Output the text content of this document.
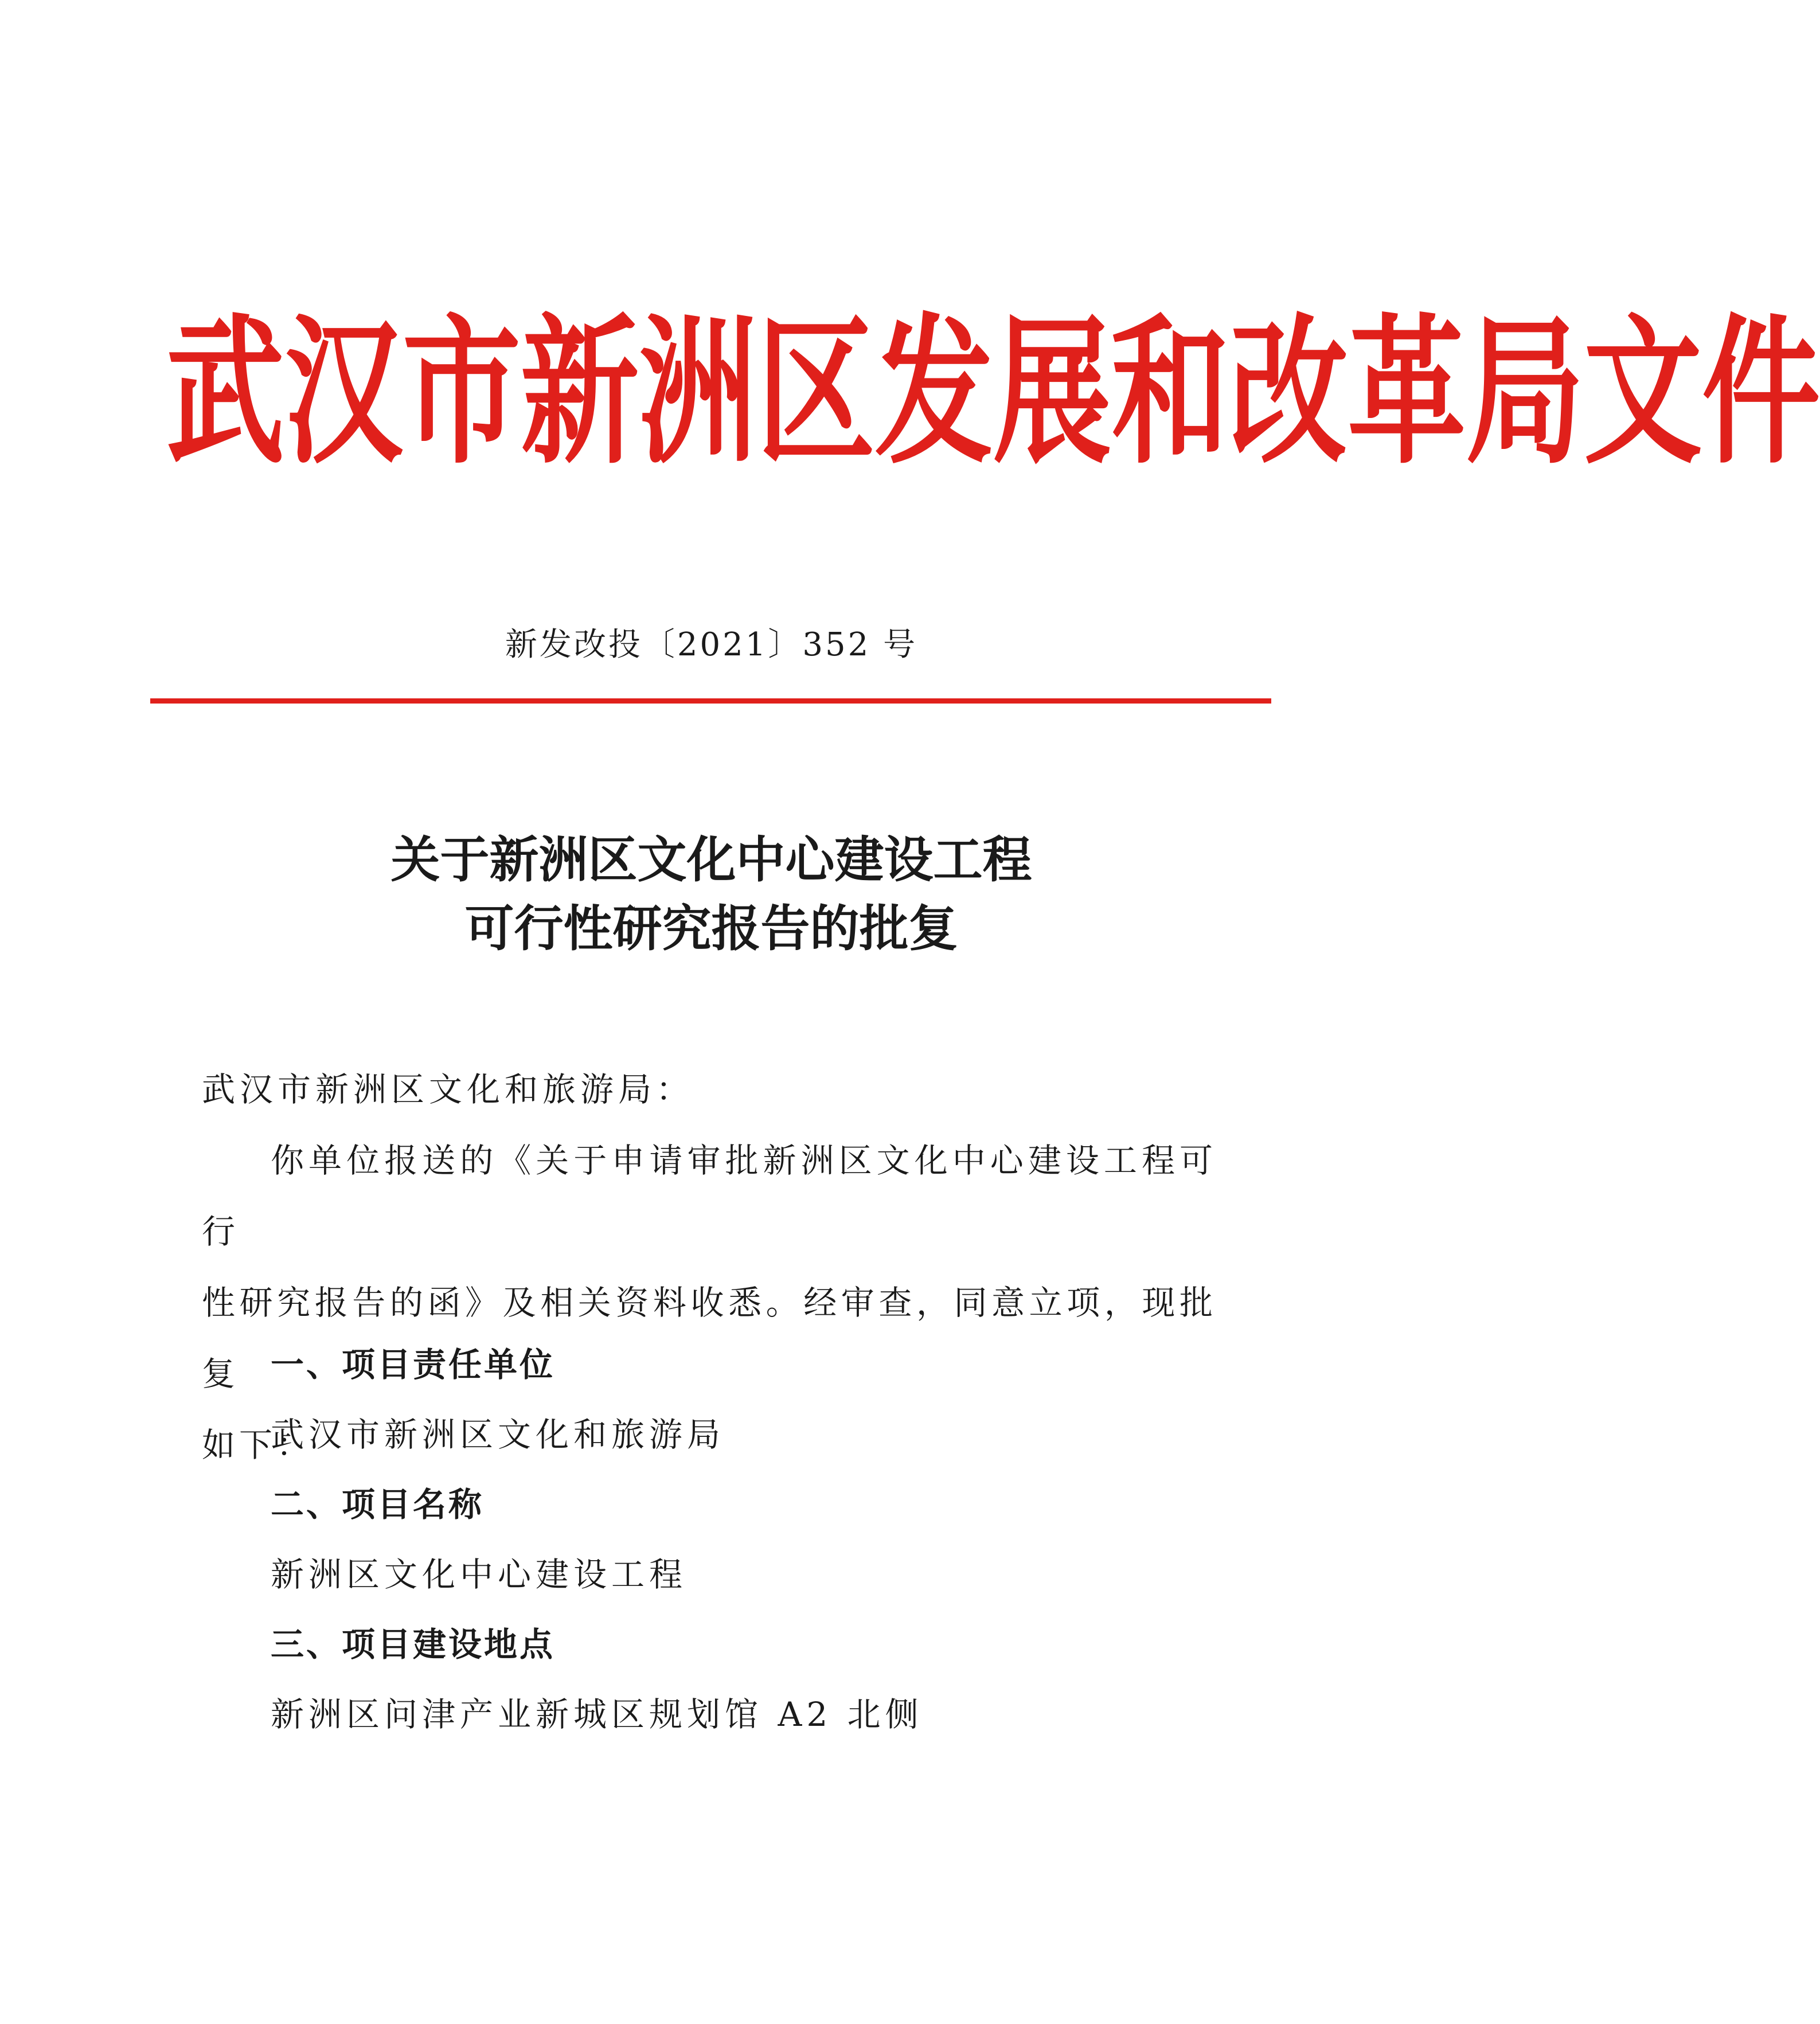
武 汉 市 新 洲 区 发 展 和 改 革 局 文 件
新发改投〔2021〕352 号
关于新洲区文化中心建设工程
可行性研究报告的批复
武汉市新洲区文化和旅游局：
你单位报送的《关于申请审批新洲区文化中心建设工程可行
性研究报告的函》及相关资料收悉。经审查，同意立项，现批复
如下：
一、项目责任单位
武汉市新洲区文化和旅游局
二、项目名称
新洲区文化中心建设工程
三、项目建设地点
新洲区问津产业新城区规划馆 A2 北侧
